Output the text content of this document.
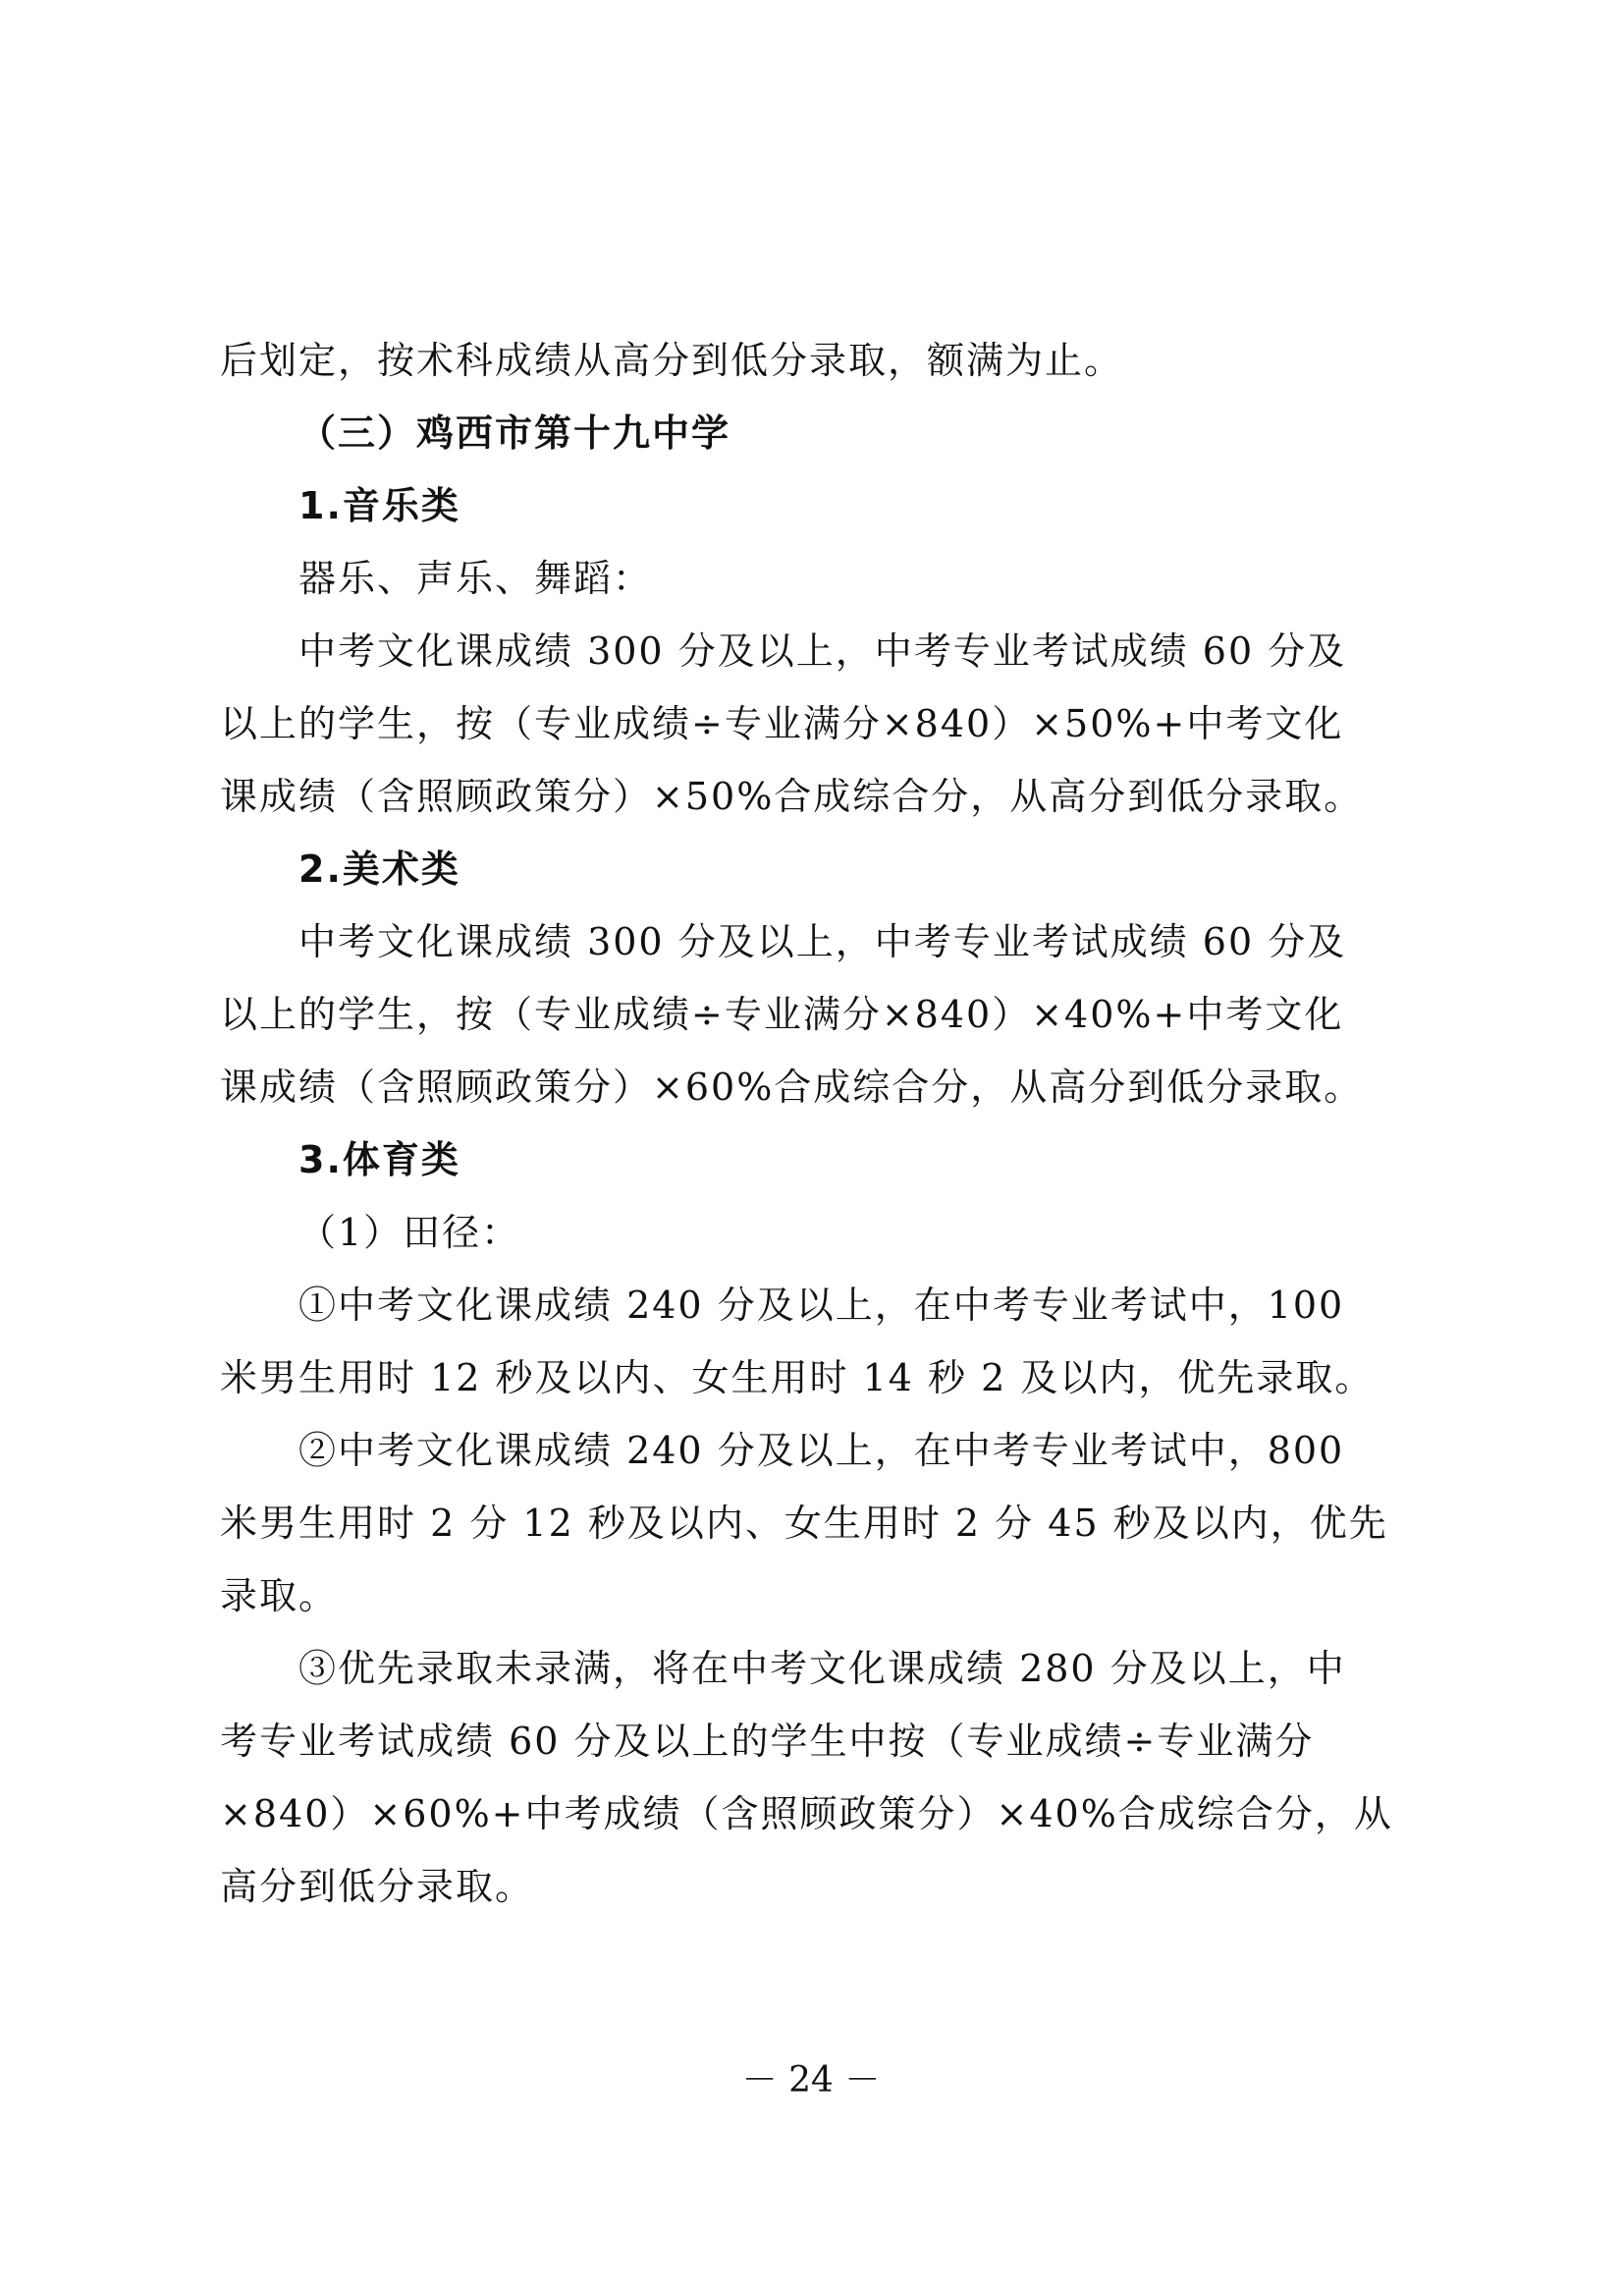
后划定，按术科成绩从高分到低分录取，额满为止。
（三）鸡西市第十九中学
1.音乐类
器乐、声乐、舞蹈：
中考文化课成绩 300 分及以上，中考专业考试成绩 60 分及
以上的学生，按（专业成绩÷专业满分×840）×50%+中考文化
课成绩（含照顾政策分）×50%合成综合分，从高分到低分录取。
2.美术类
中考文化课成绩 300 分及以上，中考专业考试成绩 60 分及
以上的学生，按（专业成绩÷专业满分×840）×40%+中考文化
课成绩（含照顾政策分）×60%合成综合分，从高分到低分录取。
3.体育类
（1）田径：
①中考文化课成绩 240 分及以上，在中考专业考试中，100
米男生用时 12 秒及以内、女生用时 14 秒 2 及以内，优先录取。
②中考文化课成绩 240 分及以上，在中考专业考试中，800
米男生用时 2 分 12 秒及以内、女生用时 2 分 45 秒及以内，优先
录取。
③优先录取未录满，将在中考文化课成绩 280 分及以上，中
考专业考试成绩 60 分及以上的学生中按（专业成绩÷专业满分
×840）×60%+中考成绩（含照顾政策分）×40%合成综合分，从
高分到低分录取。
－ 24 －
